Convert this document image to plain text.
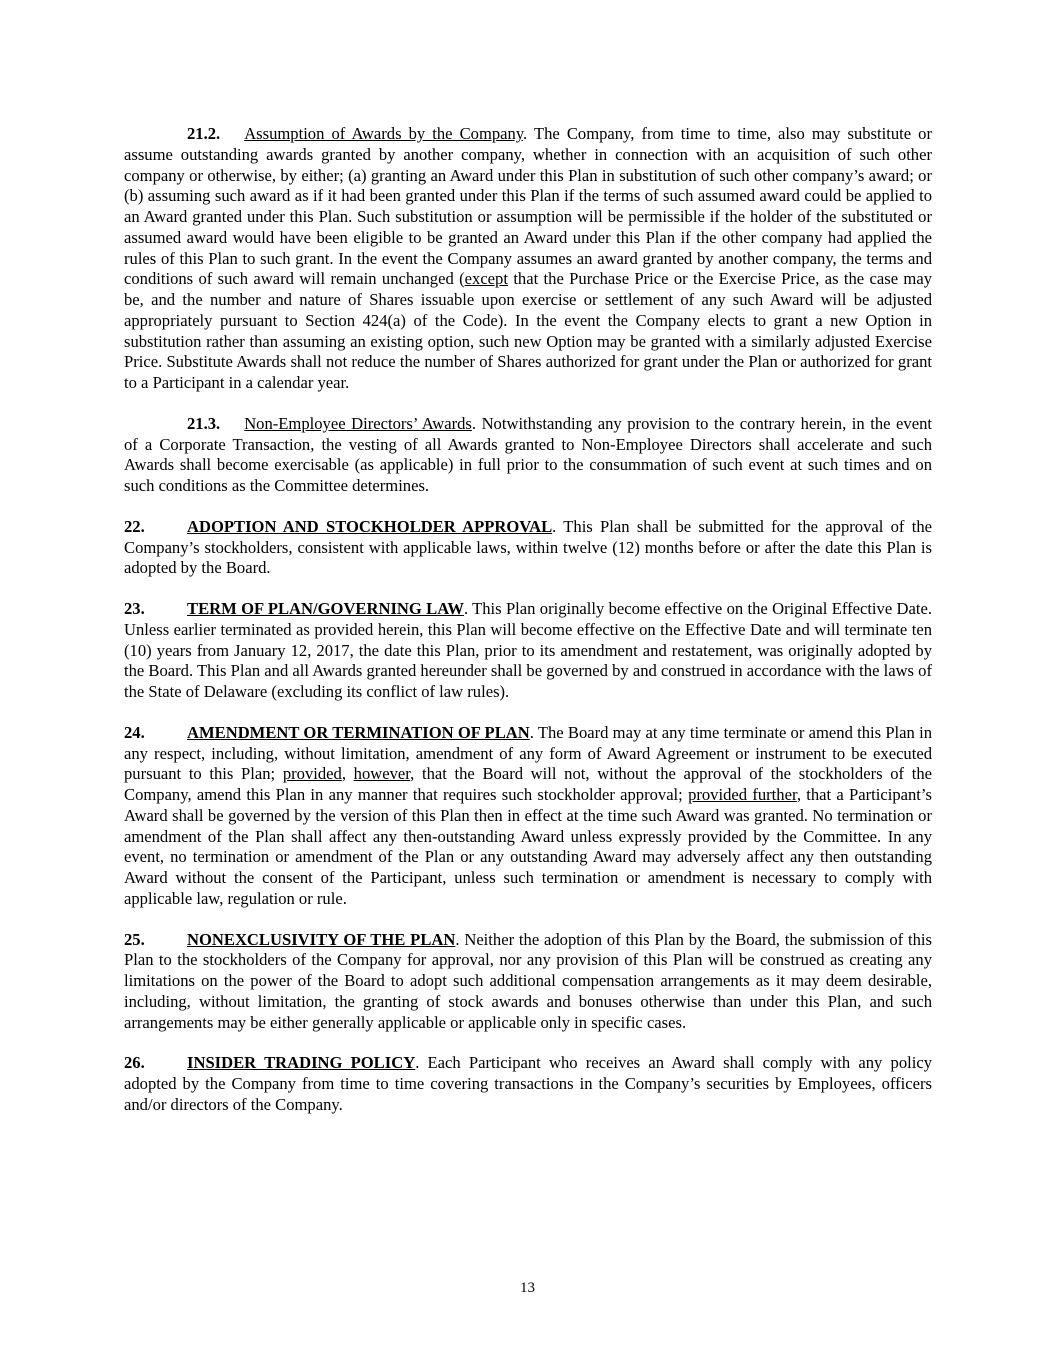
21.2. Assumption of Awards by the Company. The Company, from time to time, also may substitute or assume outstanding awards granted by another company, whether in connection with an acquisition of such other company or otherwise, by either; (a) granting an Award under this Plan in substitution of such other company’s award; or (b) assuming such award as if it had been granted under this Plan if the terms of such assumed award could be applied to an Award granted under this Plan. Such substitution or assumption will be permissible if the holder of the substituted or assumed award would have been eligible to be granted an Award under this Plan if the other company had applied the rules of this Plan to such grant. In the event the Company assumes an award granted by another company, the terms and conditions of such award will remain unchanged (except that the Purchase Price or the Exercise Price, as the case may be, and the number and nature of Shares issuable upon exercise or settlement of any such Award will be adjusted appropriately pursuant to Section 424(a) of the Code). In the event the Company elects to grant a new Option in substitution rather than assuming an existing option, such new Option may be granted with a similarly adjusted Exercise Price. Substitute Awards shall not reduce the number of Shares authorized for grant under the Plan or authorized for grant to a Participant in a calendar year.

21.3. Non-Employee Directors’ Awards. Notwithstanding any provision to the contrary herein, in the event of a Corporate Transaction, the vesting of all Awards granted to Non-Employee Directors shall accelerate and such Awards shall become exercisable (as applicable) in full prior to the consummation of such event at such times and on such conditions as the Committee determines.

22.	ADOPTION AND STOCKHOLDER APPROVAL. This Plan shall be submitted for the approval of the Company’s stockholders, consistent with applicable laws, within twelve (12) months before or after the date this Plan is adopted by the Board.

23.	TERM OF PLAN/GOVERNING LAW. This Plan originally become effective on the Original Effective Date. Unless earlier terminated as provided herein, this Plan will become effective on the Effective Date and will terminate ten (10) years from January 12, 2017, the date this Plan, prior to its amendment and restatement, was originally adopted by the Board. This Plan and all Awards granted hereunder shall be governed by and construed in accordance with the laws of the State of Delaware (excluding its conflict of law rules).

24.	AMENDMENT OR TERMINATION OF PLAN. The Board may at any time terminate or amend this Plan in any respect, including, without limitation, amendment of any form of Award Agreement or instrument to be executed pursuant to this Plan; provided, however, that the Board will not, without the approval of the stockholders of the Company, amend this Plan in any manner that requires such stockholder approval; provided further, that a Participant’s Award shall be governed by the version of this Plan then in effect at the time such Award was granted. No termination or amendment of the Plan shall affect any then-outstanding Award unless expressly provided by the Committee. In any event, no termination or amendment of the Plan or any outstanding Award may adversely affect any then outstanding Award without the consent of the Participant, unless such termination or amendment is necessary to comply with applicable law, regulation or rule.

25.	NONEXCLUSIVITY OF THE PLAN. Neither the adoption of this Plan by the Board, the submission of this Plan to the stockholders of the Company for approval, nor any provision of this Plan will be construed as creating any limitations on the power of the Board to adopt such additional compensation arrangements as it may deem desirable, including, without limitation, the granting of stock awards and bonuses otherwise than under this Plan, and such arrangements may be either generally applicable or applicable only in specific cases.

26.	INSIDER TRADING POLICY. Each Participant who receives an Award shall comply with any policy adopted by the Company from time to time covering transactions in the Company’s securities by Employees, officers and/or directors of the Company.

13
